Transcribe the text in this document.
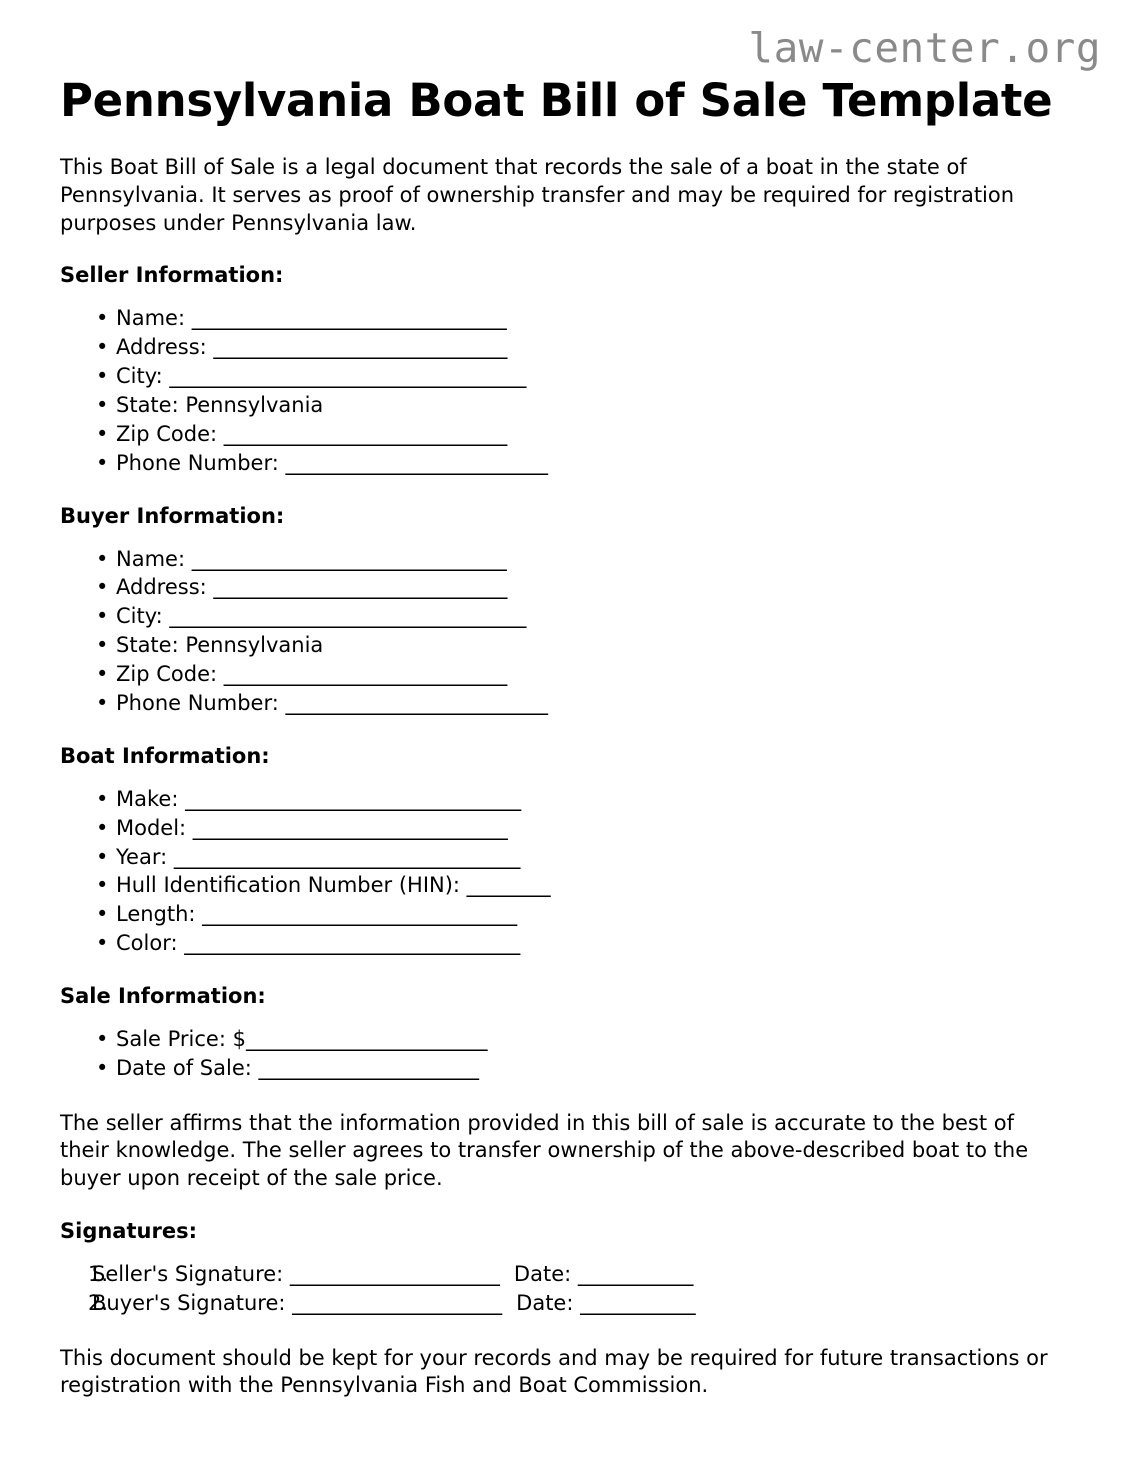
law-center.org
Pennsylvania Boat Bill of Sale Template

This Boat Bill of Sale is a legal document that records the sale of a boat in the state of Pennsylvania. It serves as proof of ownership transfer and may be required for registration purposes under Pennsylvania law.

Seller Information:
• Name: ______________________________
• Address: ____________________________
• City: __________________________________
• State: Pennsylvania
• Zip Code: ___________________________
• Phone Number: _________________________
Buyer Information:
• Name: ______________________________
• Address: ____________________________
• City: __________________________________
• State: Pennsylvania
• Zip Code: ___________________________
• Phone Number: _________________________
Boat Information:
• Make: ________________________________
• Model: ______________________________
• Year: _________________________________
• Hull Identification Number (HIN): ________
• Length: ______________________________
• Color: ________________________________
Sale Information:
• Sale Price: $_______________________
• Date of Sale: _____________________

The seller affirms that the information provided in this bill of sale is accurate to the best of their knowledge. The seller agrees to transfer ownership of the above-described boat to the buyer upon receipt of the sale price.

Signatures:
Seller's Signature: ____________________ Date: ___________
Buyer's Signature: ____________________ Date: ___________

This document should be kept for your records and may be required for future transactions or registration with the Pennsylvania Fish and Boat Commission.
